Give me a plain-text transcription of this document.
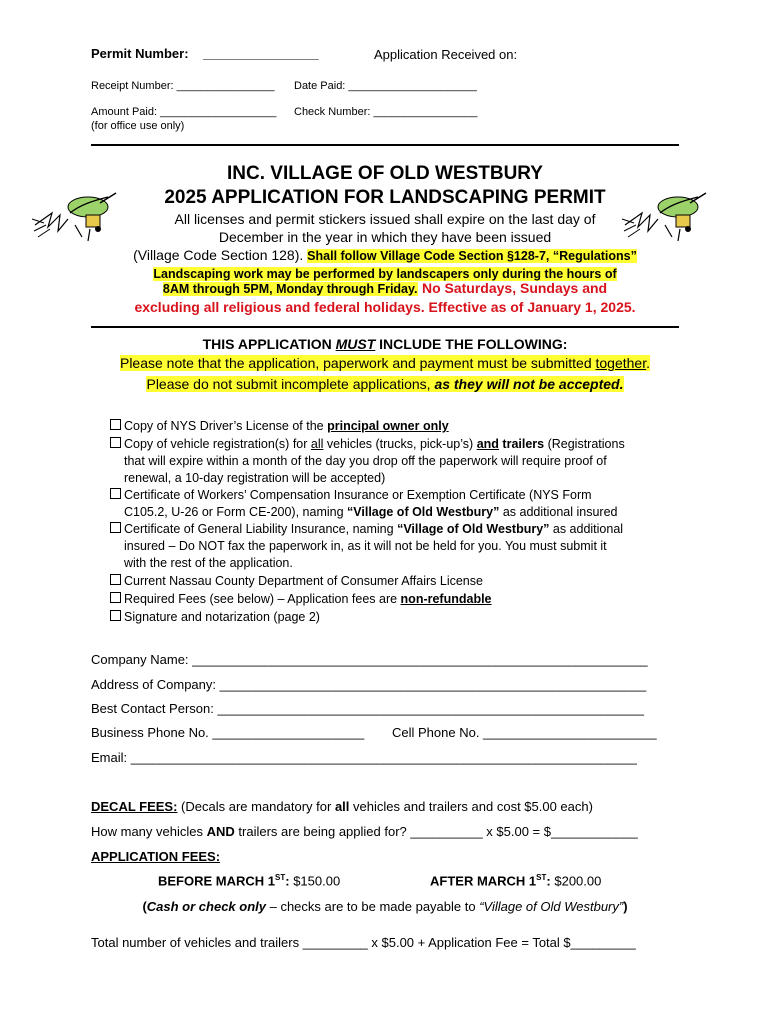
Permit Number: ________________	Application Received on:
Receipt Number: ________________ Date Paid: _____________________
Amount Paid: ___________________ Check Number: _________________
(for office use only)
INC. VILLAGE OF OLD WESTBURY
2025 APPLICATION FOR LANDSCAPING PERMIT
All licenses and permit stickers issued shall expire on the last day of
December in the year in which they have been issued
(Village Code Section 128). Shall follow Village Code Section §128-7, “Regulations”
Landscaping work may be performed by landscapers only during the hours of
8AM through 5PM, Monday through Friday. No Saturdays, Sundays and
excluding all religious and federal holidays. Effective as of January 1, 2025.
THIS APPLICATION MUST INCLUDE THE FOLLOWING:
Please note that the application, paperwork and payment must be submitted together.
Please do not submit incomplete applications, as they will not be accepted.
Copy of NYS Driver’s License of the principal owner only
Copy of vehicle registration(s) for all vehicles (trucks, pick-up’s) and trailers (Registrations
that will expire within a month of the day you drop off the paperwork will require proof of
renewal, a 10-day registration will be accepted)
Certificate of Workers’ Compensation Insurance or Exemption Certificate (NYS Form
C105.2, U-26 or Form CE-200), naming “Village of Old Westbury” as additional insured
Certificate of General Liability Insurance, naming “Village of Old Westbury” as additional
insured – Do NOT fax the paperwork in, as it will not be held for you. You must submit it
with the rest of the application.
Current Nassau County Department of Consumer Affairs License
Required Fees (see below) – Application fees are non-refundable
Signature and notarization (page 2)
Company Name: _______________________________________________________________
Address of Company: ___________________________________________________________
Best Contact Person: ___________________________________________________________
Business Phone No. _____________________ Cell Phone No. ________________________
Email: ______________________________________________________________________
DECAL FEES: (Decals are mandatory for all vehicles and trailers and cost $5.00 each)
How many vehicles AND trailers are being applied for? __________ x $5.00 = $____________
APPLICATION FEES:
BEFORE MARCH 1ST: $150.00	AFTER MARCH 1ST: $200.00
(Cash or check only – checks are to be made payable to “Village of Old Westbury”)
Total number of vehicles and trailers _________ x $5.00 + Application Fee = Total $_________
